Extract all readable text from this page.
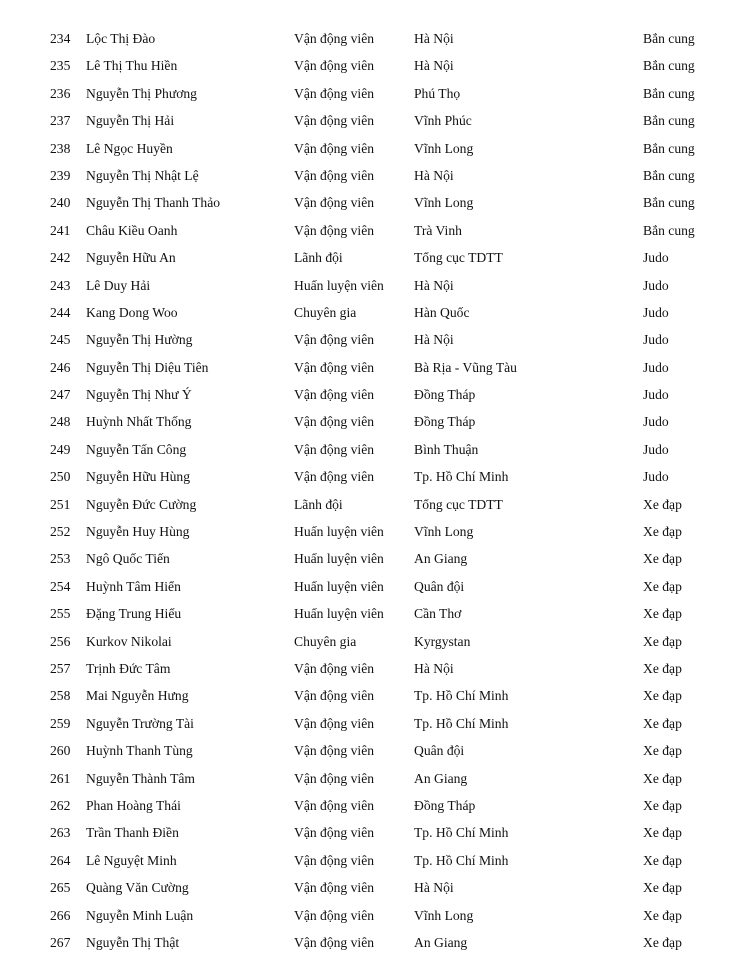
234	Lộc Thị Đào	Vận động viên	Hà Nội	Bắn cung
235	Lê Thị Thu Hiền	Vận động viên	Hà Nội	Bắn cung
236	Nguyễn Thị Phương	Vận động viên	Phú Thọ	Bắn cung
237	Nguyễn Thị Hải	Vận động viên	Vĩnh Phúc	Bắn cung
238	Lê Ngọc Huyền	Vận động viên	Vĩnh Long	Bắn cung
239	Nguyễn Thị Nhật Lệ	Vận động viên	Hà Nội	Bắn cung
240	Nguyễn Thị Thanh Thảo	Vận động viên	Vĩnh Long	Bắn cung
241	Châu Kiều Oanh	Vận động viên	Trà Vinh	Bắn cung
242	Nguyễn Hữu An	Lãnh đội	Tổng cục TDTT	Judo
243	Lê Duy Hải	Huấn luyện viên	Hà Nội	Judo
244	Kang Dong Woo	Chuyên gia	Hàn Quốc	Judo
245	Nguyễn Thị Hường	Vận động viên	Hà Nội	Judo
246	Nguyễn Thị Diệu Tiên	Vận động viên	Bà Rịa - Vũng Tàu	Judo
247	Nguyễn Thị Như Ý	Vận động viên	Đồng Tháp	Judo
248	Huỳnh Nhất Thống	Vận động viên	Đồng Tháp	Judo
249	Nguyễn Tấn Công	Vận động viên	Bình Thuận	Judo
250	Nguyễn Hữu Hùng	Vận động viên	Tp. Hồ Chí Minh	Judo
251	Nguyễn Đức Cường	Lãnh đội	Tổng cục TDTT	Xe đạp
252	Nguyễn Huy Hùng	Huấn luyện viên	Vĩnh Long	Xe đạp
253	Ngô Quốc Tiến	Huấn luyện viên	An Giang	Xe đạp
254	Huỳnh Tâm Hiển	Huấn luyện viên	Quân đội	Xe đạp
255	Đặng Trung Hiếu	Huấn luyện viên	Cần Thơ	Xe đạp
256	Kurkov Nikolai	Chuyên gia	Kyrgystan	Xe đạp
257	Trịnh Đức Tâm	Vận động viên	Hà Nội	Xe đạp
258	Mai Nguyễn Hưng	Vận động viên	Tp. Hồ Chí Minh	Xe đạp
259	Nguyễn Trường Tài	Vận động viên	Tp. Hồ Chí Minh	Xe đạp
260	Huỳnh Thanh Tùng	Vận động viên	Quân đội	Xe đạp
261	Nguyễn Thành Tâm	Vận động viên	An Giang	Xe đạp
262	Phan Hoàng Thái	Vận động viên	Đồng Tháp	Xe đạp
263	Trần Thanh Điền	Vận động viên	Tp. Hồ Chí Minh	Xe đạp
264	Lê Nguyệt Minh	Vận động viên	Tp. Hồ Chí Minh	Xe đạp
265	Quàng Văn Cường	Vận động viên	Hà Nội	Xe đạp
266	Nguyễn Minh Luận	Vận động viên	Vĩnh Long	Xe đạp
267	Nguyễn Thị Thật	Vận động viên	An Giang	Xe đạp
